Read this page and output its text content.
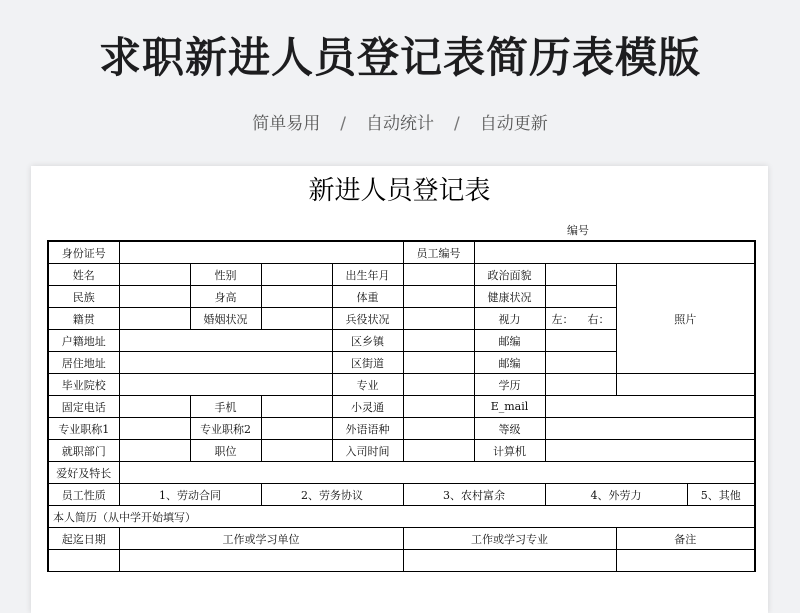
求职新进人员登记表简历表模版
简单易用 / 自动统计 / 自动更新
新进人员登记表
编号
身份证号					员工编号				
姓名		性别		出生年月		政治面貌		照片	
民族		身高		体重		健康状况			
籍贯		婚姻状况		兵役状况		视力	左： 右：		
户籍地址				区乡镇		邮编			
居住地址				区街道		邮编			
毕业院校				专业		学历			
固定电话		手机		小灵通		E_mail			
专业职称1		专业职称2		外语语种		等级			
就职部门		职位		入司时间		计算机			
爱好及特长									
员工性质	1、劳动合同		2、劳务协议		3、农村富余		4、外劳力		5、其他
本人简历（从中学开始填写）									
起迄日期	工作或学习单位				工作或学习专业			备注	
